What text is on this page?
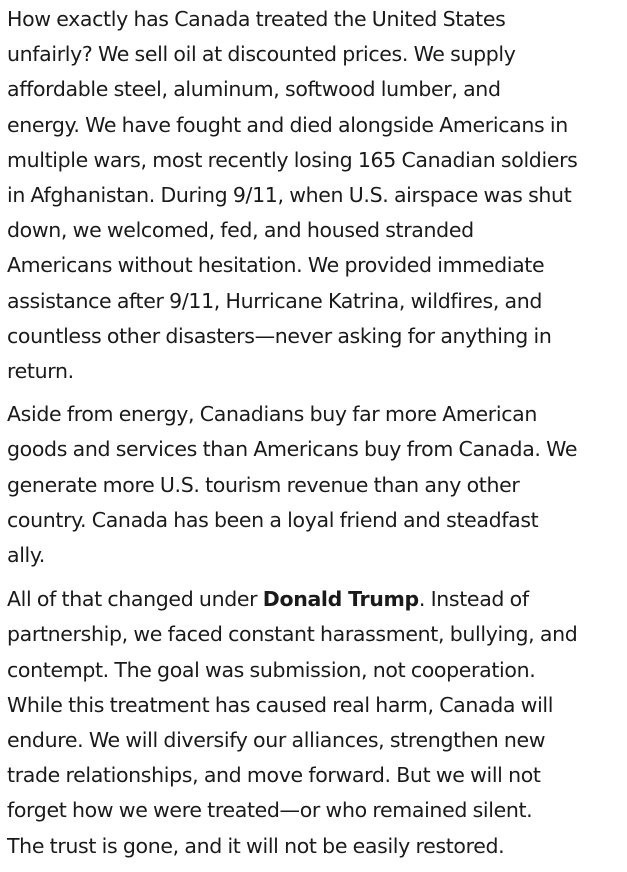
How exactly has Canada treated the United States
unfairly? We sell oil at discounted prices. We supply
affordable steel, aluminum, softwood lumber, and
energy. We have fought and died alongside Americans in
multiple wars, most recently losing 165 Canadian soldiers
in Afghanistan. During 9/11, when U.S. airspace was shut
down, we welcomed, fed, and housed stranded
Americans without hesitation. We provided immediate
assistance after 9/11, Hurricane Katrina, wildfires, and
countless other disasters—never asking for anything in
return.

Aside from energy, Canadians buy far more American
goods and services than Americans buy from Canada. We
generate more U.S. tourism revenue than any other
country. Canada has been a loyal friend and steadfast
ally.

All of that changed under Donald Trump. Instead of
partnership, we faced constant harassment, bullying, and
contempt. The goal was submission, not cooperation.
While this treatment has caused real harm, Canada will
endure. We will diversify our alliances, strengthen new
trade relationships, and move forward. But we will not
forget how we were treated—or who remained silent.
The trust is gone, and it will not be easily restored.
